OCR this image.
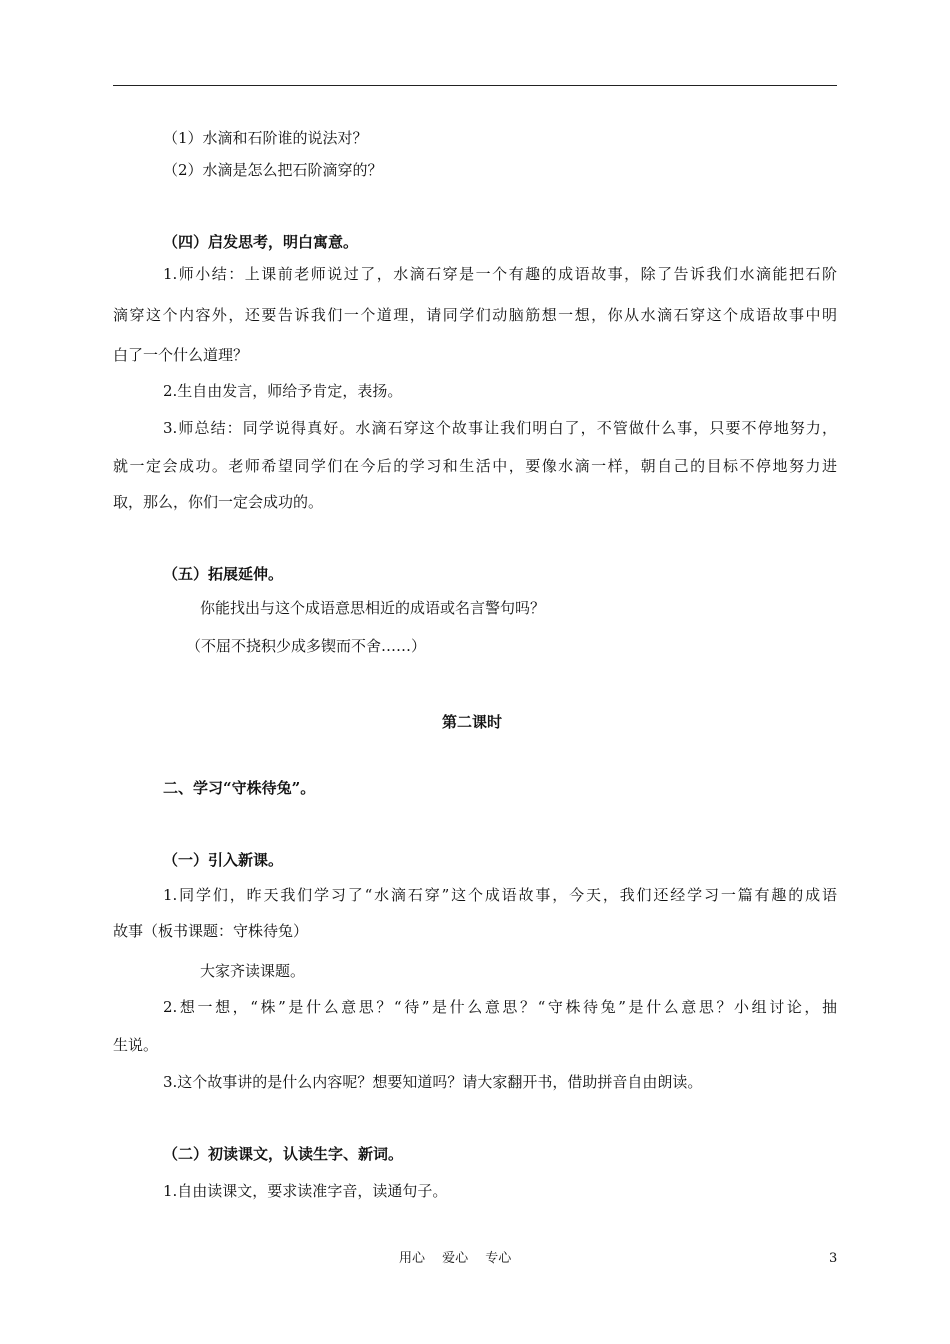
（1）水滴和石阶谁的说法对？
（2）水滴是怎么把石阶滴穿的？
（四）启发思考，明白寓意。
1.师小结：上课前老师说过了，水滴石穿是一个有趣的成语故事，除了告诉我们水滴能把石阶
滴穿这个内容外，还要告诉我们一个道理，请同学们动脑筋想一想，你从水滴石穿这个成语故事中明
白了一个什么道理？
2.生自由发言，师给予肯定，表扬。
3.师总结：同学说得真好。水滴石穿这个故事让我们明白了，不管做什么事，只要不停地努力，
就一定会成功。老师希望同学们在今后的学习和生活中，要像水滴一样，朝自己的目标不停地努力进
取，那么，你们一定会成功的。
（五）拓展延伸。
你能找出与这个成语意思相近的成语或名言警句吗？
（不屈不挠积少成多锲而不舍……）
第二课时
二、学习“守株待兔”。
（一）引入新课。
1.同学们，昨天我们学习了“水滴石穿”这个成语故事，今天，我们还经学习一篇有趣的成语
故事（板书课题：守株待兔）
大家齐读课题。
2.想一想，“株”是什么意思？“待”是什么意思？“守株待兔”是什么意思？小组讨论，抽
生说。
3.这个故事讲的是什么内容呢？想要知道吗？请大家翻开书，借助拼音自由朗读。
（二）初读课文，认读生字、新词。
1.自由读课文，要求读准字音，读通句子。
用心　 爱心　 专心	3
